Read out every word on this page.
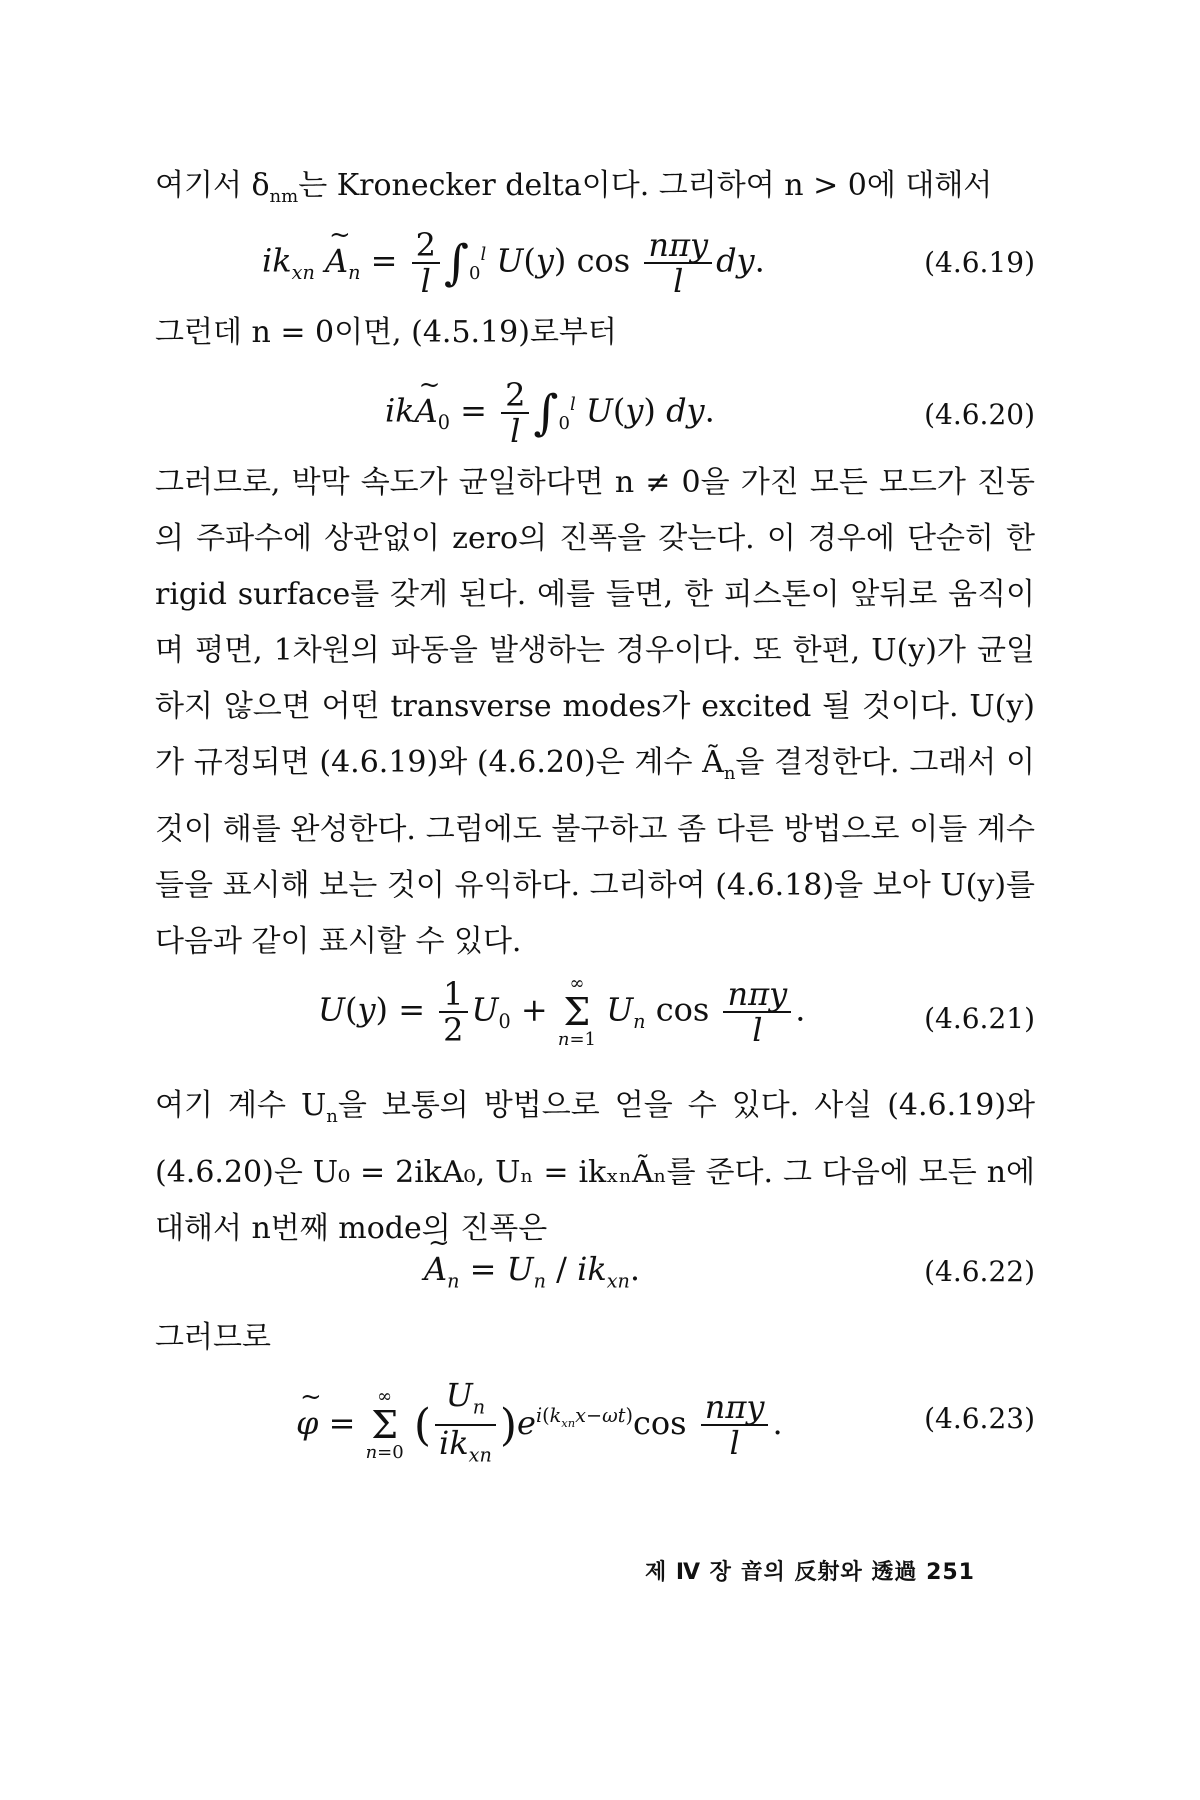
여기서 $\delta_{nm}$는 Kronecker delta이다. 그리하여 n > 0에 대해서
$ik_{xn}$ ~ $A_n = \frac{2}{l} \int_0^l$ U(y) $\cos \frac{\text{nπy}}{l}$ dy.	(4.6.19)
그런데 n = 0이면, (4.5.19)로부터
ik~ $A_0 = \frac{2}{l} \int_0^l$ U(y) dy.	(4.6.20)
그러므로, 박막 속도가 균일하다면 n ≠ 0을 가진 모든 모드가 진동의 주파수에 상관없이 zero의 진폭을 갖는다. 이 경우에 단순히 한 rigid surface를 갖게 된다. 예를 들면, 한 피스톤이 앞뒤로 움직이며 평면, 1차원의 파동을 발생하는 경우이다. 또 한편, U(y)가 균일하지 않으면 어떤 transverse modes가 excited 될 것이다. U(y)가 규정되면 (4.6.19)와 (4.6.20)은 계수 $Ã_n$을 결정한다. 그래서 이것이 해를 완성한다. 그럼에도 불구하고 좀 다른 방법으로 이들 계수들을 표시해 보는 것이 유익하다. 그리하여 (4.6.18)을 보아 U(y)를 다음과 같이 표시할 수 있다.
$U(y) = \frac{1}{2} U_0$ +
∞
Σ
n=1
$U_n$ $\cos \frac{\text{nπy}}{l}$ .	(4.6.21)
여기 계수 $U_n$을 보통의 방법으로 얻을 수 있다. 사실 (4.6.19)와 (4.6.20)은 U₀ = 2ikA₀, Uₙ = ikₓₙÃₙ를 준다. 그 다음에 모든 n에 대해서 n번째 mode의 진폭은
~ $A_n = U_n / ik_{xn}$.	(4.6.22)
그러므로
~ φ =
∞
Σ
n=0
( $\frac{U_n}{ik_{xn}} )e^{i(k_{xn}x-\omega t)}\cos \frac{\text{nπy}}{l}$ .	(4.6.23)
제 Ⅳ 장 音의 反射와 透過 251
